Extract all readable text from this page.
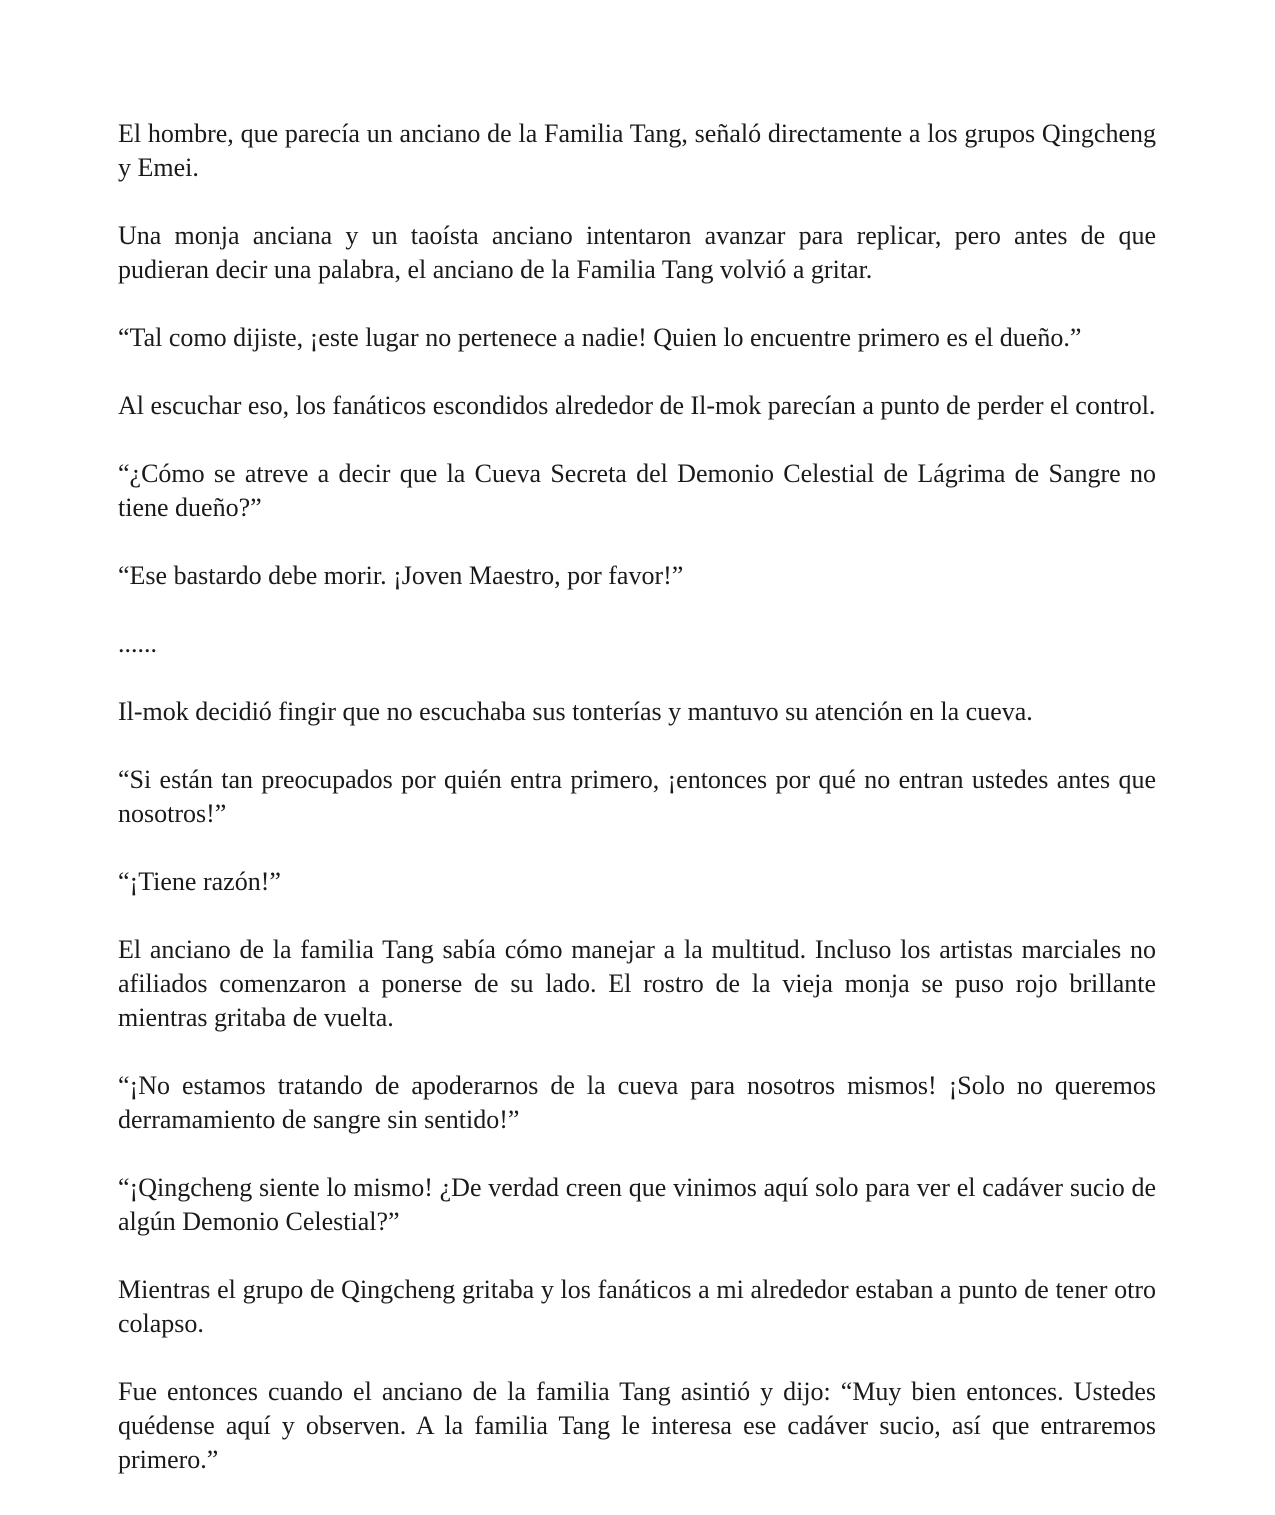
El hombre, que parecía un anciano de la Familia Tang, señaló directamente a los grupos Qingcheng y Emei.

Una monja anciana y un taoísta anciano intentaron avanzar para replicar, pero antes de que pudieran decir una palabra, el anciano de la Familia Tang volvió a gritar.

“Tal como dijiste, ¡este lugar no pertenece a nadie! Quien lo encuentre primero es el dueño.”

Al escuchar eso, los fanáticos escondidos alrededor de Il-mok parecían a punto de perder el control.

“¿Cómo se atreve a decir que la Cueva Secreta del Demonio Celestial de Lágrima de Sangre no tiene dueño?”

“Ese bastardo debe morir. ¡Joven Maestro, por favor!”

......

Il-mok decidió fingir que no escuchaba sus tonterías y mantuvo su atención en la cueva.

“Si están tan preocupados por quién entra primero, ¡entonces por qué no entran ustedes antes que nosotros!”

“¡Tiene razón!”

El anciano de la familia Tang sabía cómo manejar a la multitud. Incluso los artistas marciales no afiliados comenzaron a ponerse de su lado. El rostro de la vieja monja se puso rojo brillante mientras gritaba de vuelta.

“¡No estamos tratando de apoderarnos de la cueva para nosotros mismos! ¡Solo no queremos derramamiento de sangre sin sentido!”

“¡Qingcheng siente lo mismo! ¿De verdad creen que vinimos aquí solo para ver el cadáver sucio de algún Demonio Celestial?”

Mientras el grupo de Qingcheng gritaba y los fanáticos a mi alrededor estaban a punto de tener otro colapso.

Fue entonces cuando el anciano de la familia Tang asintió y dijo: “Muy bien entonces. Ustedes quédense aquí y observen. A la familia Tang le interesa ese cadáver sucio, así que entraremos primero.”
